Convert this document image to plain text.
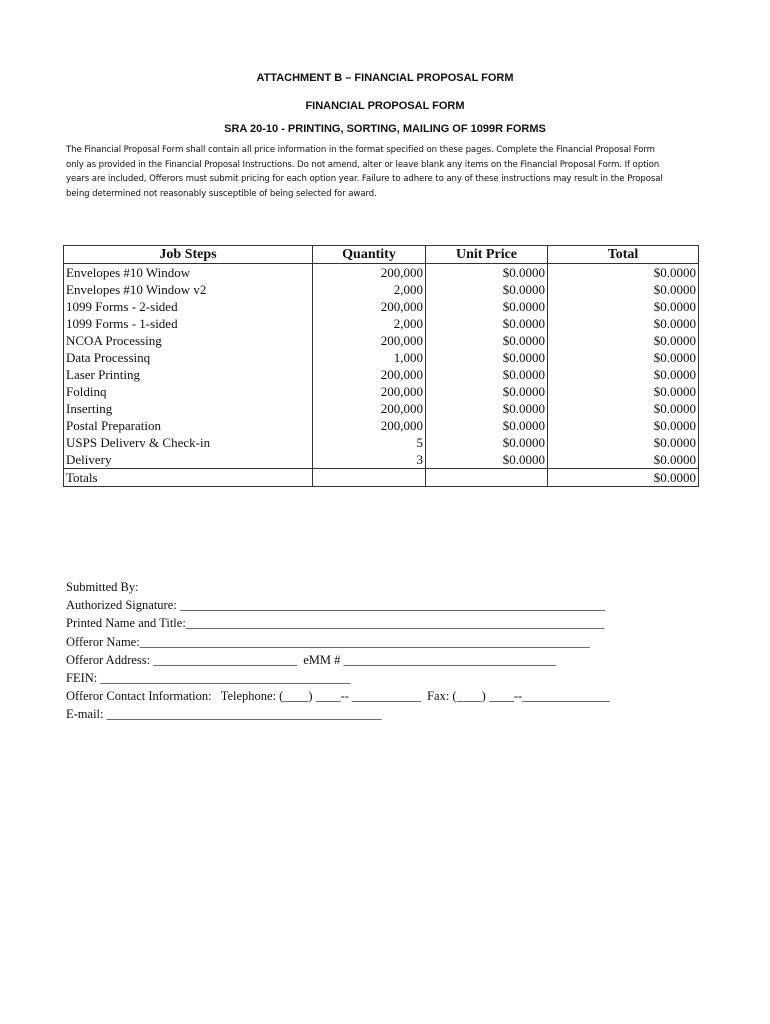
ATTACHMENT B – FINANCIAL PROPOSAL FORM

FINANCIAL PROPOSAL FORM

SRA 20-10 - PRINTING, SORTING, MAILING OF 1099R FORMS

The Financial Proposal Form shall contain all price information in the format specified on these pages. Complete the Financial Proposal Form
only as provided in the Financial Proposal Instructions. Do not amend, alter or leave blank any items on the Financial Proposal Form. If option
years are included, Offerors must submit pricing for each option year. Failure to adhere to any of these instructions may result in the Proposal
being determined not reasonably susceptible of being selected for award.
Job Steps	Quantity	Unit Price	Total
Envelopes #10 Window	200,000	$0.0000	$0.0000
Envelopes #10 Window v2	2,000	$0.0000	$0.0000
1099 Forms - 2-sided	200,000	$0.0000	$0.0000
1099 Forms - 1-sided	2,000	$0.0000	$0.0000
NCOA Processing	200,000	$0.0000	$0.0000
Data Processinq	1,000	$0.0000	$0.0000
Laser Printing	200,000	$0.0000	$0.0000
Foldinq	200,000	$0.0000	$0.0000
Inserting	200,000	$0.0000	$0.0000
Postal Preparation	200,000	$0.0000	$0.0000
USPS Deliverv & Check-in	5	$0.0000	$0.0000
Delivery	3	$0.0000	$0.0000
Totals			$0.0000
Submitted By:
Authorized Signature: ____________________________________________________________________
Printed Name and Title:___________________________________________________________________
Offeror Name:________________________________________________________________________
Offeror Address: _______________________  eMM # __________________________________
FEIN: ________________________________________
Offeror Contact Information:   Telephone: (____) ____-- ___________  Fax: (____) ____--______________
E-mail: ____________________________________________
